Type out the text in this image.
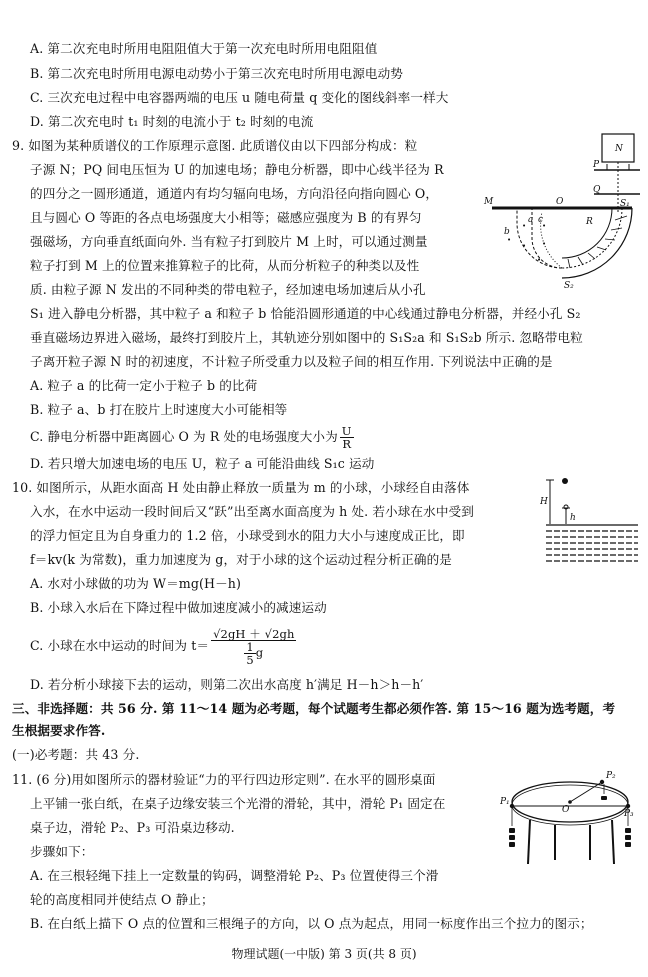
A. 第二次充电时所用电阻阻值大于第一次充电时所用电阻阻值
B. 第二次充电时所用电源电动势小于第三次充电时所用电源电动势
C. 三次充电过程中电容器两端的电压 u 随电荷量 q 变化的图线斜率一样大
D. 第二次充电时 t₁ 时刻的电流小于 t₂ 时刻的电流
9. 如图为某种质谱仪的工作原理示意图. 此质谱仪由以下四部分构成：粒
子源 N；PQ 间电压恒为 U 的加速电场；静电分析器，即中心线半径为 R
的四分之一圆形通道，通道内有均匀辐向电场，方向沿径向指向圆心 O，
且与圆心 O 等距的各点电场强度大小相等；磁感应强度为 B 的有界匀
强磁场，方向垂直纸面向外. 当有粒子打到胶片 M 上时，可以通过测量
粒子打到 M 上的位置来推算粒子的比荷，从而分析粒子的种类以及性
质. 由粒子源 N 发出的不同种类的带电粒子，经加速电场加速后从小孔
S₁ 进入静电分析器，其中粒子 a 和粒子 b 恰能沿圆形通道的中心线通过静电分析器，并经小孔 S₂
垂直磁场边界进入磁场，最终打到胶片上，其轨迹分别如图中的 S₁S₂a 和 S₁S₂b 所示. 忽略带电粒
子离开粒子源 N 时的初速度，不计粒子所受重力以及粒子间的相互作用. 下列说法中正确的是
A. 粒子 a 的比荷一定小于粒子 b 的比荷
B. 粒子 a、b 打在胶片上时速度大小可能相等
C. 静电分析器中距离圆心 O 为 R 处的电场强度大小为 $\frac{U}{R}$
D. 若只增大加速电场的电压 U，粒子 a 可能沿曲线 S₁c 运动
• •
• •
•
•
N
P
Q
M	O
R
S₁
S₂
a
b
c
10. 如图所示，从距水面高 H 处由静止释放一质量为 m 的小球，小球经自由落体
入水，在水中运动一段时间后又“跃”出至离水面高度为 h 处. 若小球在水中受到
的浮力恒定且为自身重力的 1.2 倍，小球受到水的阻力大小与速度成正比，即
f＝kv(k 为常数)，重力加速度为 g，对于小球的这个运动过程分析正确的是
A. 水对小球做的功为 W＝mg(H－h)
B. 小球入水后在下降过程中做加速度减小的减速运动
C. 小球在水中运动的时间为 $t= \frac{√2gH + √2gh}{\frac{1}{5} g}$
D. 若分析小球接下去的运动，则第二次出水高度 h′满足 H－h＞h－h′
H
h
三、非选择题：共 56 分. 第 11～14 题为必考题，每个试题考生都必须作答. 第 15～16 题为选考题，考
生根据要求作答.
(一)必考题：共 43 分.
11. (6 分)用如图所示的器材验证“力的平行四边形定则”. 在水平的圆形桌面
上平铺一张白纸，在桌子边缘安装三个光滑的滑轮，其中，滑轮 P₁ 固定在
桌子边，滑轮 P₂、P₃ 可沿桌边移动.
步骤如下：
A. 在三根轻绳下挂上一定数量的钩码，调整滑轮 P₂、P₃ 位置使得三个滑
轮的高度相同并使结点 O 静止；
B. 在白纸上描下 O 点的位置和三根绳子的方向，以 O 点为起点，用同一标度作出三个拉力的图示；
P₁
P₂
P₃
O
物理试题(一中版) 第 3 页(共 8 页)
